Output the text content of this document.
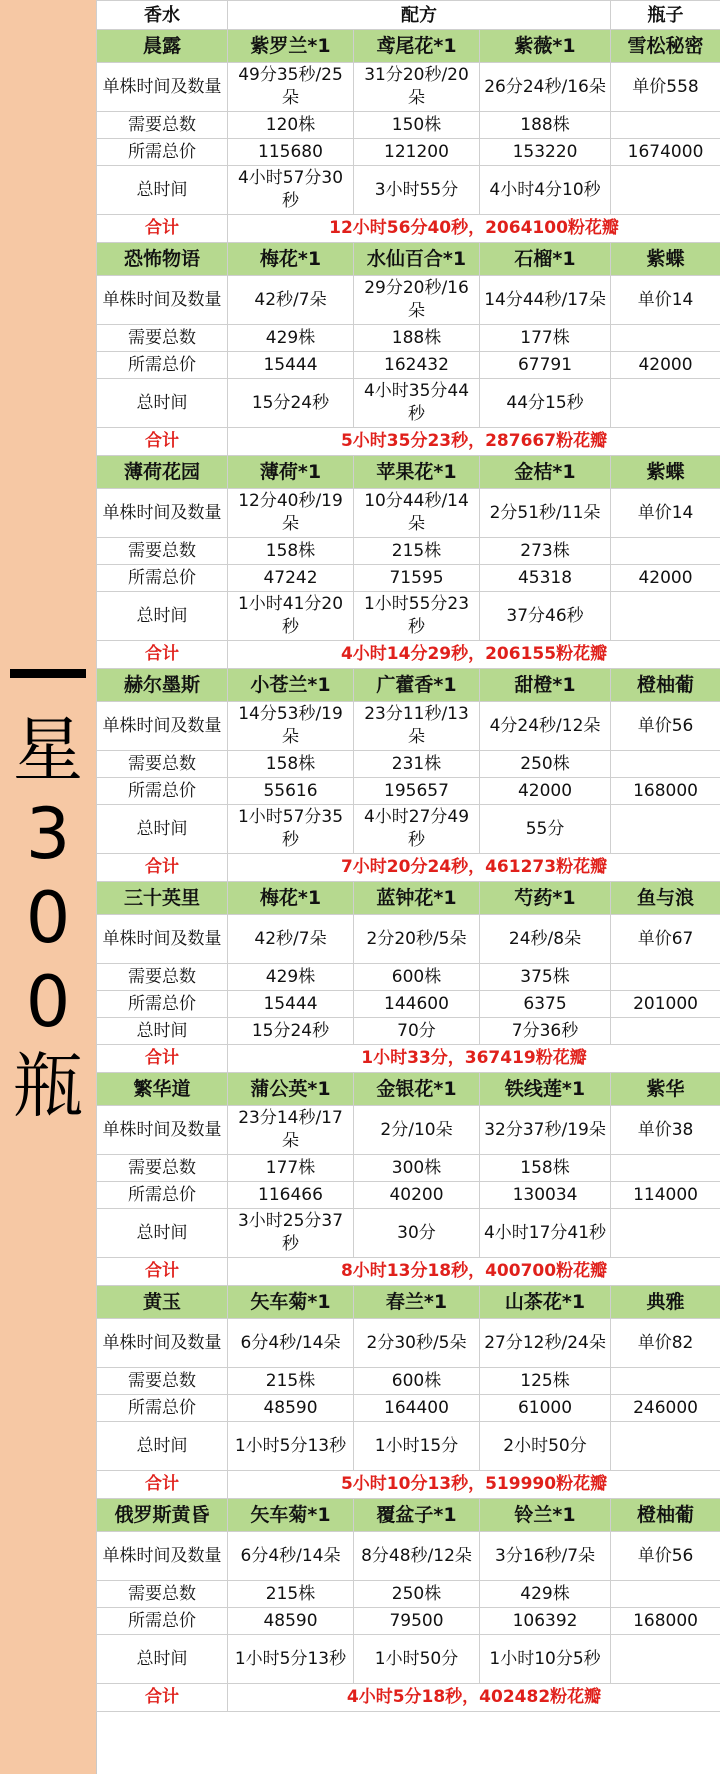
星
3
0
0
瓶
香水	配方			瓶子
晨露	紫罗兰*1	鸢尾花*1	紫薇*1	雪松秘密
单株时间及数量	49分35秒/25朵	31分20秒/20朵	26分24秒/16朵	单价558
需要总数	120株	150株	188株	
所需总价	115680	121200	153220	1674000
总时间	4小时57分30秒	3小时55分	4小时4分10秒	
合计	12小时56分40秒，2064100粉花瓣			
恐怖物语	梅花*1	水仙百合*1	石榴*1	紫蝶
单株时间及数量	42秒/7朵	29分20秒/16朵	14分44秒/17朵	单价14
需要总数	429株	188株	177株	
所需总价	15444	162432	67791	42000
总时间	15分24秒	4小时35分44秒	44分15秒	
合计	5小时35分23秒，287667粉花瓣			
薄荷花园	薄荷*1	苹果花*1	金桔*1	紫蝶
单株时间及数量	12分40秒/19朵	10分44秒/14朵	2分51秒/11朵	单价14
需要总数	158株	215株	273株	
所需总价	47242	71595	45318	42000
总时间	1小时41分20秒	1小时55分23秒	37分46秒	
合计	4小时14分29秒，206155粉花瓣			
赫尔墨斯	小苍兰*1	广藿香*1	甜橙*1	橙柚葡
单株时间及数量	14分53秒/19朵	23分11秒/13朵	4分24秒/12朵	单价56
需要总数	158株	231株	250株	
所需总价	55616	195657	42000	168000
总时间	1小时57分35秒	4小时27分49秒	55分	
合计	7小时20分24秒，461273粉花瓣			
三十英里	梅花*1	蓝钟花*1	芍药*1	鱼与浪
单株时间及数量	42秒/7朵	2分20秒/5朵	24秒/8朵	单价67
需要总数	429株	600株	375株	
所需总价	15444	144600	6375	201000
总时间	15分24秒	70分	7分36秒	
合计	1小时33分，367419粉花瓣			
繁华道	蒲公英*1	金银花*1	铁线莲*1	紫华
单株时间及数量	23分14秒/17朵	2分/10朵	32分37秒/19朵	单价38
需要总数	177株	300株	158株	
所需总价	116466	40200	130034	114000
总时间	3小时25分37秒	30分	4小时17分41秒	
合计	8小时13分18秒，400700粉花瓣			
黄玉	矢车菊*1	春兰*1	山茶花*1	典雅
单株时间及数量	6分4秒/14朵	2分30秒/5朵	27分12秒/24朵	单价82
需要总数	215株	600株	125株	
所需总价	48590	164400	61000	246000
总时间	1小时5分13秒	1小时15分	2小时50分	
合计	5小时10分13秒，519990粉花瓣			
俄罗斯黄昏	矢车菊*1	覆盆子*1	铃兰*1	橙柚葡
单株时间及数量	6分4秒/14朵	8分48秒/12朵	3分16秒/7朵	单价56
需要总数	215株	250株	429株	
所需总价	48590	79500	106392	168000
总时间	1小时5分13秒	1小时50分	1小时10分5秒	
合计	4小时5分18秒，402482粉花瓣			
